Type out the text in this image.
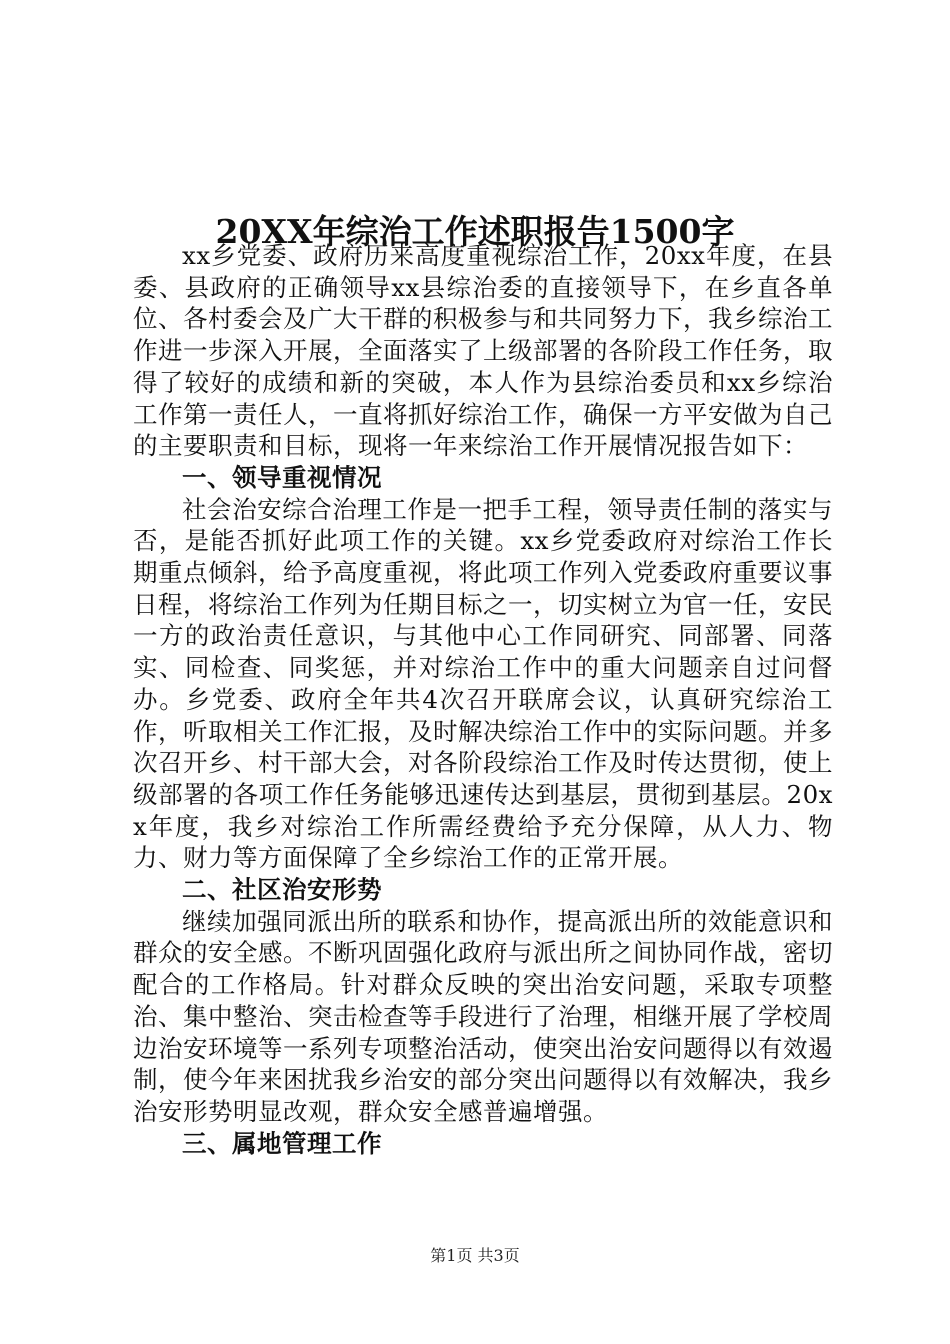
20XX年综治工作述职报告1500字

xx乡党委、政府历来高度重视综治工作，20xx年度，在县委、县政府的正确领导xx县综治委的直接领导下，在乡直各单位、各村委会及广大干群的积极参与和共同努力下，我乡综治工作进一步深入开展，全面落实了上级部署的各阶段工作任务，取得了较好的成绩和新的突破，本人作为县综治委员和xx乡综治工作第一责任人，一直将抓好综治工作，确保一方平安做为自己的主要职责和目标，现将一年来综治工作开展情况报告如下：

一、领导重视情况

社会治安综合治理工作是一把手工程，领导责任制的落实与否，是能否抓好此项工作的关键。xx乡党委政府对综治工作长期重点倾斜，给予高度重视，将此项工作列入党委政府重要议事日程，将综治工作列为任期目标之一，切实树立为官一任，安民一方的政治责任意识，与其他中心工作同研究、同部署、同落实、同检查、同奖惩，并对综治工作中的重大问题亲自过问督办。乡党委、政府全年共4次召开联席会议，认真研究综治工作，听取相关工作汇报，及时解决综治工作中的实际问题。并多次召开乡、村干部大会，对各阶段综治工作及时传达贯彻，使上级部署的各项工作任务能够迅速传达到基层，贯彻到基层。20xx年度，我乡对综治工作所需经费给予充分保障，从人力、物力、财力等方面保障了全乡综治工作的正常开展。

二、社区治安形势

继续加强同派出所的联系和协作，提高派出所的效能意识和群众的安全感。不断巩固强化政府与派出所之间协同作战，密切配合的工作格局。针对群众反映的突出治安问题，采取专项整治、集中整治、突击检查等手段进行了治理，相继开展了学校周边治安环境等一系列专项整治活动，使突出治安问题得以有效遏制，使今年来困扰我乡治安的部分突出问题得以有效解决，我乡治安形势明显改观，群众安全感普遍增强。

三、属地管理工作

第1页 共3页
